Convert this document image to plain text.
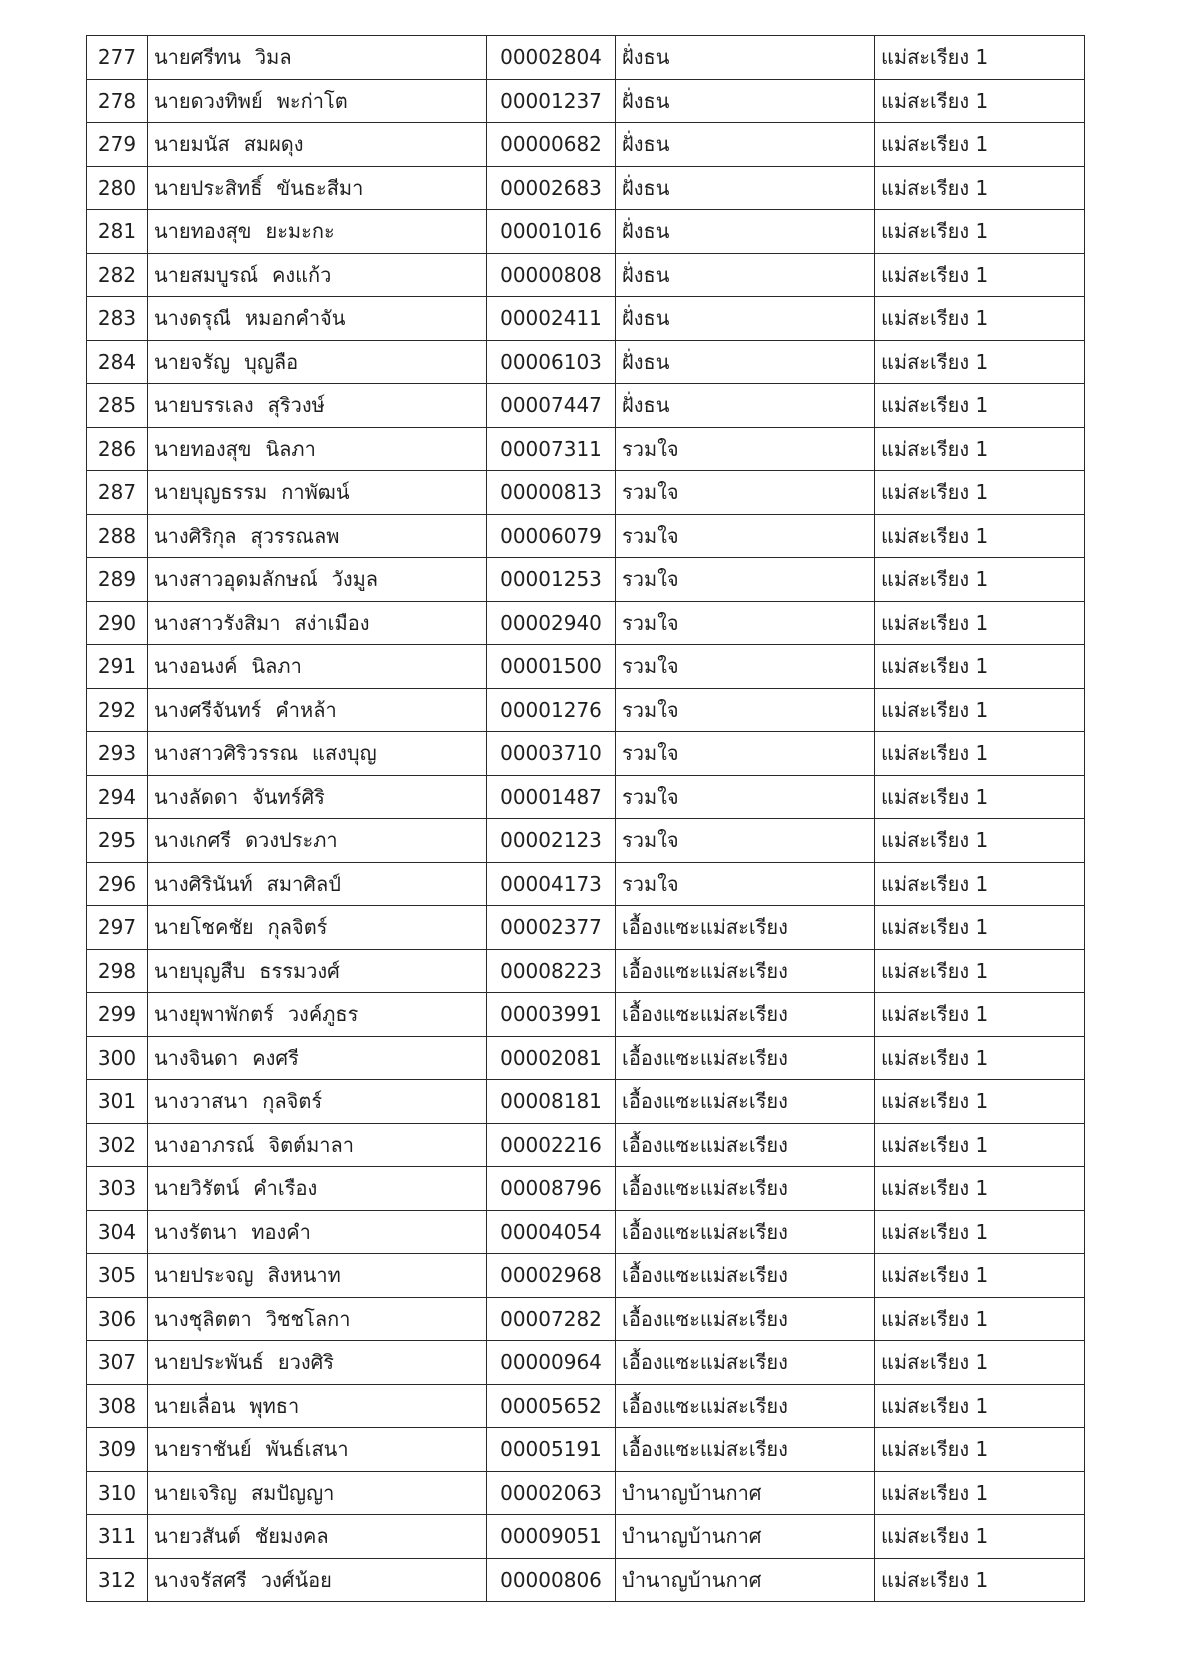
277	นายศรีทน วิมล	00002804	ฝั่งธน	แม่สะเรียง 1
278	นายดวงทิพย์ พะก่าโต	00001237	ฝั่งธน	แม่สะเรียง 1
279	นายมนัส สมผดุง	00000682	ฝั่งธน	แม่สะเรียง 1
280	นายประสิทธิ์ ขันธะสีมา	00002683	ฝั่งธน	แม่สะเรียง 1
281	นายทองสุข ยะมะกะ	00001016	ฝั่งธน	แม่สะเรียง 1
282	นายสมบูรณ์ คงแก้ว	00000808	ฝั่งธน	แม่สะเรียง 1
283	นางดรุณี หมอกคำจัน	00002411	ฝั่งธน	แม่สะเรียง 1
284	นายจรัญ บุญลือ	00006103	ฝั่งธน	แม่สะเรียง 1
285	นายบรรเลง สุริวงษ์	00007447	ฝั่งธน	แม่สะเรียง 1
286	นายทองสุข นิลภา	00007311	รวมใจ	แม่สะเรียง 1
287	นายบุญธรรม กาพัฒน์	00000813	รวมใจ	แม่สะเรียง 1
288	นางศิริกุล สุวรรณลพ	00006079	รวมใจ	แม่สะเรียง 1
289	นางสาวอุดมลักษณ์ วังมูล	00001253	รวมใจ	แม่สะเรียง 1
290	นางสาวรังสิมา สง่าเมือง	00002940	รวมใจ	แม่สะเรียง 1
291	นางอนงค์ นิลภา	00001500	รวมใจ	แม่สะเรียง 1
292	นางศรีจันทร์ คำหล้า	00001276	รวมใจ	แม่สะเรียง 1
293	นางสาวศิริวรรณ แสงบุญ	00003710	รวมใจ	แม่สะเรียง 1
294	นางลัดดา จันทร์ศิริ	00001487	รวมใจ	แม่สะเรียง 1
295	นางเกศรี ดวงประภา	00002123	รวมใจ	แม่สะเรียง 1
296	นางศิรินันท์ สมาศิลป์	00004173	รวมใจ	แม่สะเรียง 1
297	นายโชคชัย กุลจิตร์	00002377	เอื้องแซะแม่สะเรียง	แม่สะเรียง 1
298	นายบุญสืบ ธรรมวงศ์	00008223	เอื้องแซะแม่สะเรียง	แม่สะเรียง 1
299	นางยุพาพักตร์ วงค์ภูธร	00003991	เอื้องแซะแม่สะเรียง	แม่สะเรียง 1
300	นางจินดา คงศรี	00002081	เอื้องแซะแม่สะเรียง	แม่สะเรียง 1
301	นางวาสนา กุลจิตร์	00008181	เอื้องแซะแม่สะเรียง	แม่สะเรียง 1
302	นางอาภรณ์ จิตต์มาลา	00002216	เอื้องแซะแม่สะเรียง	แม่สะเรียง 1
303	นายวิรัตน์ คำเรือง	00008796	เอื้องแซะแม่สะเรียง	แม่สะเรียง 1
304	นางรัตนา ทองคำ	00004054	เอื้องแซะแม่สะเรียง	แม่สะเรียง 1
305	นายประจญ สิงหนาท	00002968	เอื้องแซะแม่สะเรียง	แม่สะเรียง 1
306	นางชุลิตตา วิชชโลกา	00007282	เอื้องแซะแม่สะเรียง	แม่สะเรียง 1
307	นายประพันธ์ ยวงศิริ	00000964	เอื้องแซะแม่สะเรียง	แม่สะเรียง 1
308	นายเลื่อน พุทธา	00005652	เอื้องแซะแม่สะเรียง	แม่สะเรียง 1
309	นายราชันย์ พันธ์เสนา	00005191	เอื้องแซะแม่สะเรียง	แม่สะเรียง 1
310	นายเจริญ สมปัญญา	00002063	บำนาญบ้านกาศ	แม่สะเรียง 1
311	นายวสันต์ ชัยมงคล	00009051	บำนาญบ้านกาศ	แม่สะเรียง 1
312	นางจรัสศรี วงศ์น้อย	00000806	บำนาญบ้านกาศ	แม่สะเรียง 1
